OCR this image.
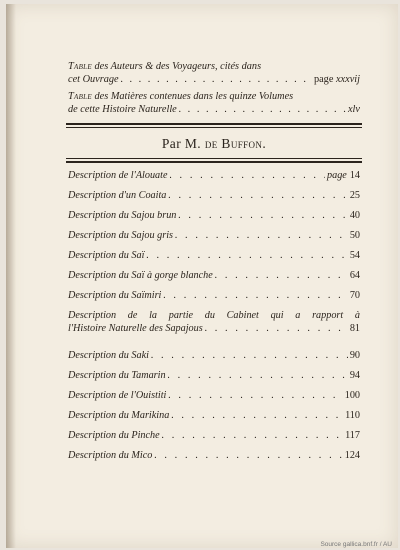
Table des Auteurs & des Voyageurs, cités dans
cet Ouvrage . . .	page xxxvij
Table des Matières contenues dans les quinze Volumes
de cette Histoire Naturelle . . .	xlv
Par M. de Buffon.
Description de l'Alouate . . .	page 14
Description d'un Coaita . . .	25
Description du Sajou brun . . .	40
Description du Sajou gris . . .	50
Description du Saï . . .	54
Description du Saï à gorge blanche . . .	64
Description du Saïmiri . . .	70
Description de la partie du Cabinet qui a rapport à
l'Histoire Naturelle des Sapajous . . .	81
Description du Saki . . .	90
Description du Tamarin . . .	94
Description de l'Ouistiti . . .	100
Description du Marikina . . .	110
Description du Pinche . . .	117
Description du Mico . . .	124
Source gallica.bnf.fr / AU
